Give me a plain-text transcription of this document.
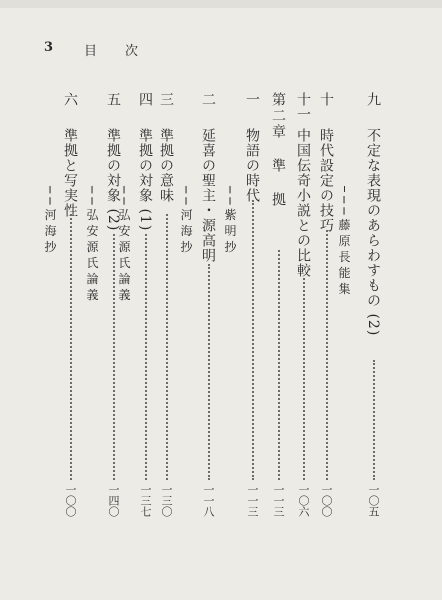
3 目 次
九
不定な表現のあらわすもの (2)
一〇五
──藤原長能集
十
時代設定の技巧
一〇〇
十一
中国伝奇小説との比較
一〇六
第二章
準拠
一一三
一
物語の時代
一一三
──紫明抄
二
延喜の聖主・源高明
一一八
──河海抄
三
準拠の意味
一三〇
四
準拠の対象 (1)
一三七
──弘安源氏論義
五
準拠の対象 (2)
一四〇
──弘安源氏論義
六
準拠と写実性
一〇〇
──河海抄
